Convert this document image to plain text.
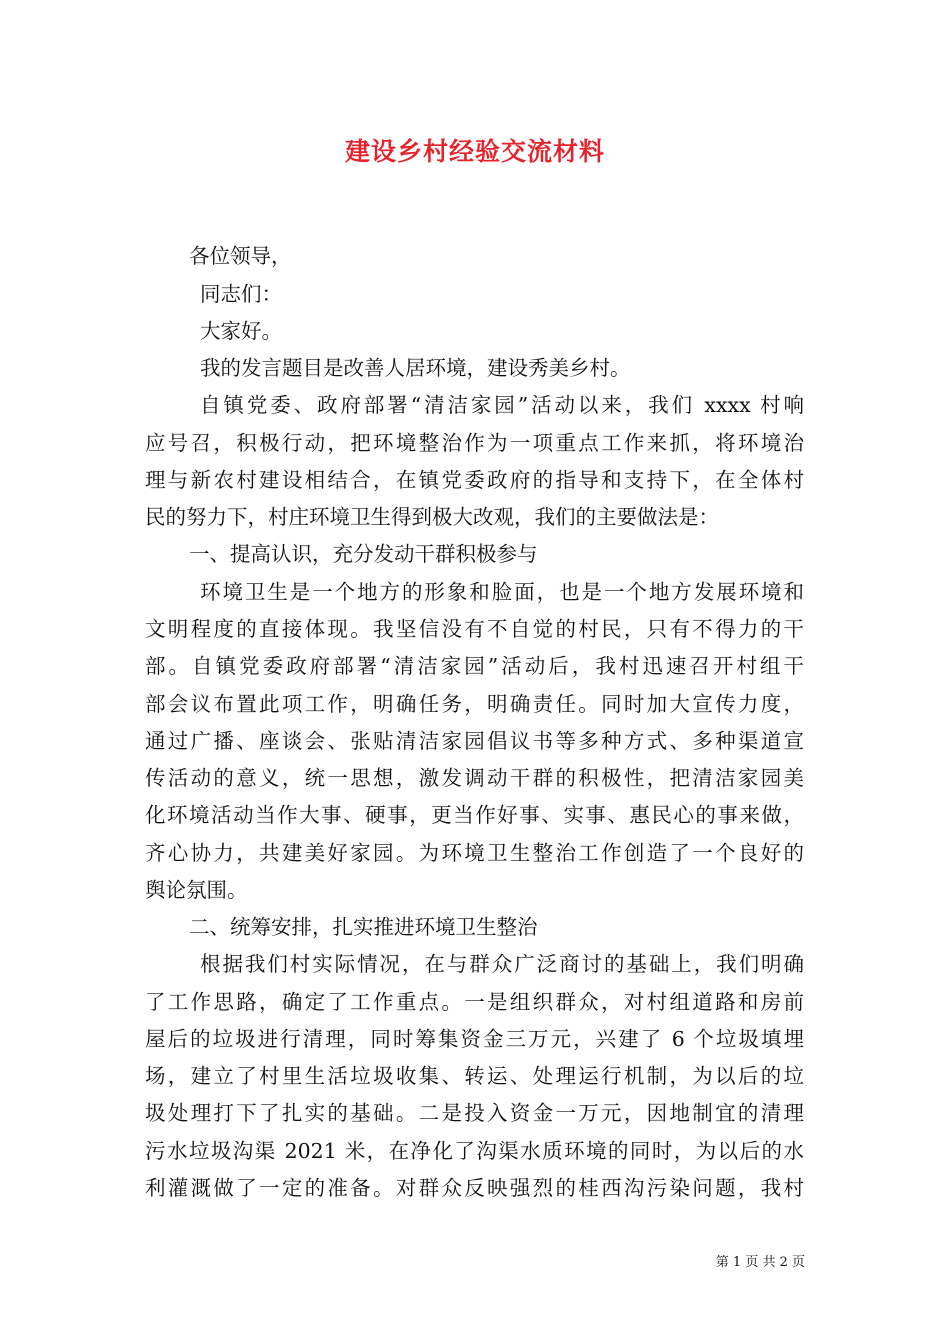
建设乡村经验交流材料

各位领导，

同志们：

大家好。

我的发言题目是改善人居环境，建设秀美乡村。

自镇党委、政府部署“清洁家园”活动以来，我们 xxxx 村响

应号召，积极行动，把环境整治作为一项重点工作来抓，将环境治

理与新农村建设相结合，在镇党委政府的指导和支持下，在全体村

民的努力下，村庄环境卫生得到极大改观，我们的主要做法是：

一、提高认识，充分发动干群积极参与

环境卫生是一个地方的形象和脸面，也是一个地方发展环境和

文明程度的直接体现。我坚信没有不自觉的村民，只有不得力的干

部。自镇党委政府部署“清洁家园”活动后，我村迅速召开村组干

部会议布置此项工作，明确任务，明确责任。同时加大宣传力度，

通过广播、座谈会、张贴清洁家园倡议书等多种方式、多种渠道宣

传活动的意义，统一思想，激发调动干群的积极性，把清洁家园美

化环境活动当作大事、硬事，更当作好事、实事、惠民心的事来做，

齐心协力，共建美好家园。为环境卫生整治工作创造了一个良好的

舆论氛围。

二、统筹安排，扎实推进环境卫生整治

根据我们村实际情况，在与群众广泛商讨的基础上，我们明确

了工作思路，确定了工作重点。一是组织群众，对村组道路和房前

屋后的垃圾进行清理，同时筹集资金三万元，兴建了 6 个垃圾填埋

场，建立了村里生活垃圾收集、转运、处理运行机制，为以后的垃

圾处理打下了扎实的基础。二是投入资金一万元，因地制宜的清理

污水垃圾沟渠 2021 米，在净化了沟渠水质环境的同时，为以后的水

利灌溉做了一定的准备。对群众反映强烈的桂西沟污染问题，我村

第 1 页 共 2 页
